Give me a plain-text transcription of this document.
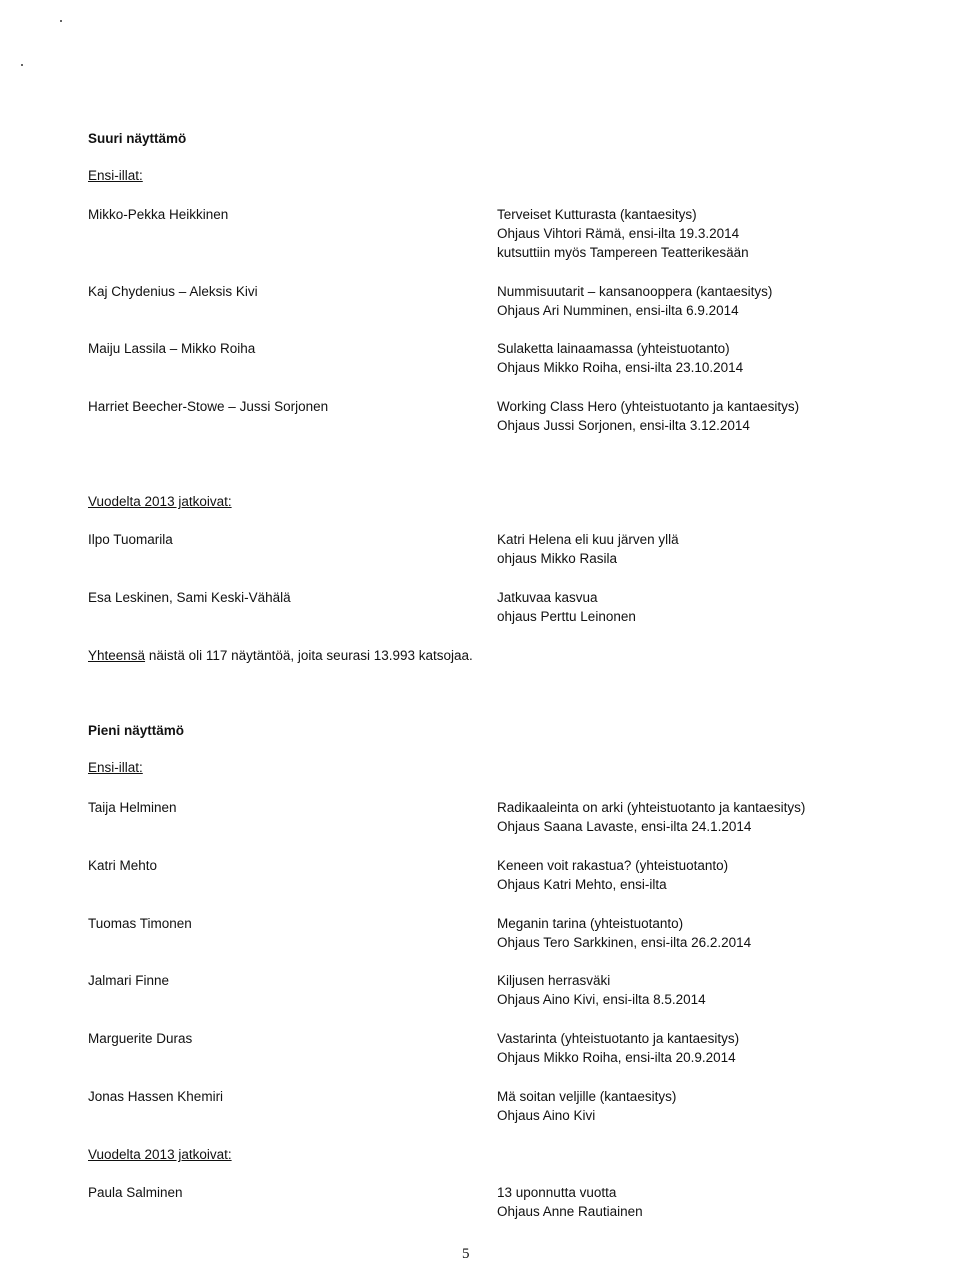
Suuri näyttämö
Ensi-illat:
Mikko-Pekka Heikkinen	Terveiset Kutturasta (kantaesitys)
Ohjaus Vihtori Rämä, ensi-ilta 19.3.2014
kutsuttiin myös Tampereen Teatterikesään
Kaj Chydenius – Aleksis Kivi	Nummisuutarit – kansanooppera (kantaesitys)
Ohjaus Ari Numminen, ensi-ilta 6.9.2014
Maiju Lassila – Mikko Roiha	Sulaketta lainaamassa (yhteistuotanto)
Ohjaus Mikko Roiha, ensi-ilta 23.10.2014
Harriet Beecher-Stowe – Jussi Sorjonen	Working Class Hero (yhteistuotanto ja kantaesitys)
Ohjaus Jussi Sorjonen, ensi-ilta 3.12.2014
Vuodelta 2013 jatkoivat:
Ilpo Tuomarila	Katri Helena eli kuu järven yllä
ohjaus Mikko Rasila
Esa Leskinen, Sami Keski-Vähälä	Jatkuvaa kasvua
ohjaus Perttu Leinonen
Yhteensä näistä oli 117 näytäntöä, joita seurasi 13.993 katsojaa.
Pieni näyttämö
Ensi-illat:
Taija Helminen	Radikaaleinta on arki (yhteistuotanto ja kantaesitys)
Ohjaus Saana Lavaste, ensi-ilta 24.1.2014
Katri Mehto	Keneen voit rakastua? (yhteistuotanto)
Ohjaus Katri Mehto, ensi-ilta
Tuomas Timonen	Meganin tarina (yhteistuotanto)
Ohjaus Tero Sarkkinen, ensi-ilta 26.2.2014
Jalmari Finne	Kiljusen herrasväki
Ohjaus Aino Kivi, ensi-ilta 8.5.2014
Marguerite Duras	Vastarinta (yhteistuotanto ja kantaesitys)
Ohjaus Mikko Roiha, ensi-ilta 20.9.2014
Jonas Hassen Khemiri	Mä soitan veljille (kantaesitys)
Ohjaus Aino Kivi
Vuodelta 2013 jatkoivat:
Paula Salminen	13 uponnutta vuotta
Ohjaus Anne Rautiainen
5
